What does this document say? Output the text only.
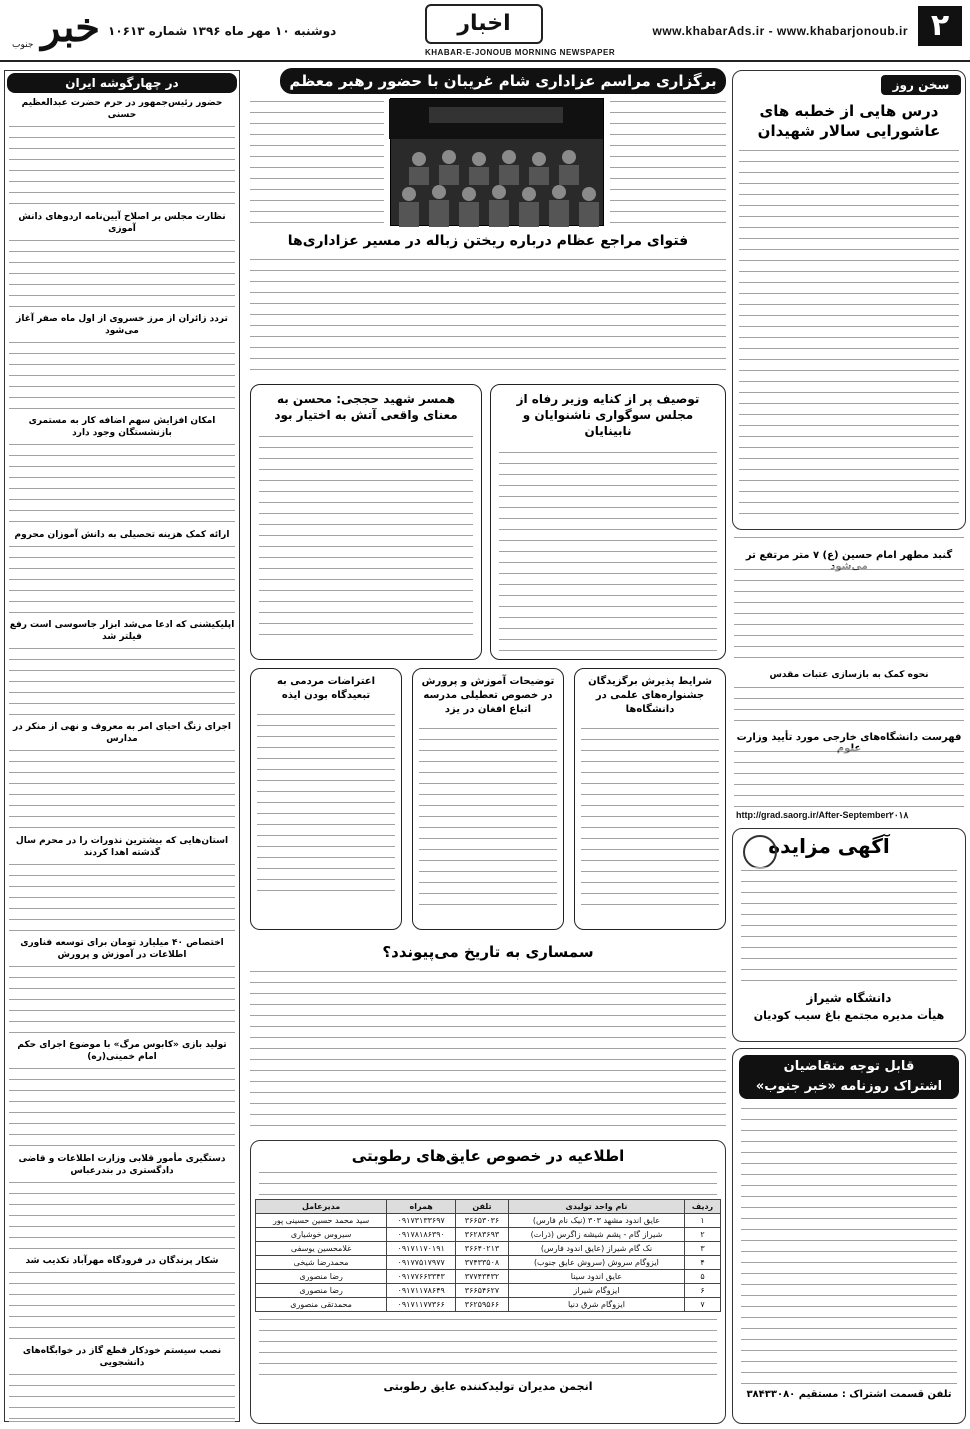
۲
www.khabarAds.ir - www.khabarjonoub.ir
اخبار
KHABAR-E-JONOUB MORNING NEWSPAPER
دوشنبه ۱۰ مهر ماه ۱۳۹۶ شماره ۱۰۶۱۳
خبر
جنوب
در چهارگوشه ایران
حضور رئیس‌جمهور در حرم حضرت عبدالعظیم حسنی
نظارت مجلس بر اصلاح آیین‌نامه اردوهای دانش آموزی
تردد زائران از مرز خسروی از اول ماه صفر آغاز می‌شود
امکان افزایش سهم اضافه کار به مستمری بازنشستگان وجود دارد
ارائه کمک هزینه تحصیلی به دانش آموزان محروم
اپلیکیشنی که ادعا می‌شد ابزار جاسوسی است رفع فیلتر شد
اجرای زنگ احیای امر به معروف و نهی از منکر در مدارس
استان‌هایی که بیشترین نذورات را در محرم سال گذشته اهدا کردند
اختصاص ۴۰ میلیارد تومان برای توسعه فناوری اطلاعات در آموزش و پرورش
تولید بازی «کابوس مرگ» با موضوع اجرای حکم امام خمینی(ره)
دستگیری مأمور قلابی وزارت اطلاعات و قاضی دادگستری در بندرعباس
شکار پرندگان در فرودگاه مهرآباد تکذیب شد
نصب سیستم خودکار قطع گاز در خوابگاه‌های دانشجویی
برگزاری مراسم عزاداری شام غریبان با حضور رهبر معظم
فتوای مراجع عظام درباره ریختن زباله در مسیر عزاداری‌ها
توصیف پر از کنایه وزیر رفاه از مجلس سوگواری ناشنوایان و نابینایان
همسر شهید حججی: محسن به معنای واقعی آتش به اختیار بود
شرایط پذیرش برگزیدگان جشنواره‌های علمی در دانشگاه‌ها
توضیحات آموزش و پرورش در خصوص تعطیلی مدرسه اتباع افغان در یزد
اعتراضات مردمی به تبعیدگاه بودن ایذه
سمساری به تاریخ می‌پیوندد؟
اطلاعیه در خصوص عایق‌های رطوبتی
ردیف	نام واحد تولیدی	تلفن	همراه	مدیرعامل
۱	عایق اندود مشهد ۳۰۳ (نیک نام فارس)	۳۶۶۵۳۰۳۶	۰۹۱۷۳۱۳۳۶۹۷	سید محمد حسین حسینی پور
۲	شیراز گام - پشم شیشه زاگرس (ذرات)	۳۶۲۸۳۶۹۳	۰۹۱۷۸۱۸۶۳۹۰	سیروس خوشیاری
۳	نک گام شیراز (عایق اندود فارس)	۳۶۶۴۰۲۱۳	۰۹۱۷۱۱۷۰۱۹۱	غلامحسین یوسفی
۴	ایزوگام سروش (سروش عایق جنوب)	۳۷۴۳۳۵۰۸	۰۹۱۷۷۵۱۷۹۷۷	محمدرضا شیخی
۵	عایق اندود سینا	۳۷۷۴۳۴۳۲	۰۹۱۷۷۶۶۳۳۴۳	رضا منصوری
۶	ایزوگام شیراز	۳۶۶۵۴۶۲۷	۰۹۱۷۱۱۷۸۶۴۹	رضا منصوری
۷	ایزوگام شرق دنیا	۳۶۲۵۹۵۶۶	۰۹۱۷۱۱۷۷۳۶۶	محمدتقی منصوری
انجمن مدیران تولیدکننده عایق رطوبتی
سخن روز
درس هایی از خطبه های عاشورایی سالار شهیدان
گنبد مطهر امام حسین (ع) ۷ متر مرتفع تر
نحوه کمک به بازسازی عتبات مقدس
فهرست دانشگاه‌های خارجی مورد تأیید وزارت
http://grad.saorg.ir/After-September۲۰۱۸
آگهی مزایده
دانشگاه شیراز
هیأت مدیره مجتمع باغ سیب کودیان
قابل توجه متقاضیان
اشتراک روزنامه «خبر جنوب»
تلفن قسمت اشتراک : مستقیم ۳۸۴۳۳۰۸۰
